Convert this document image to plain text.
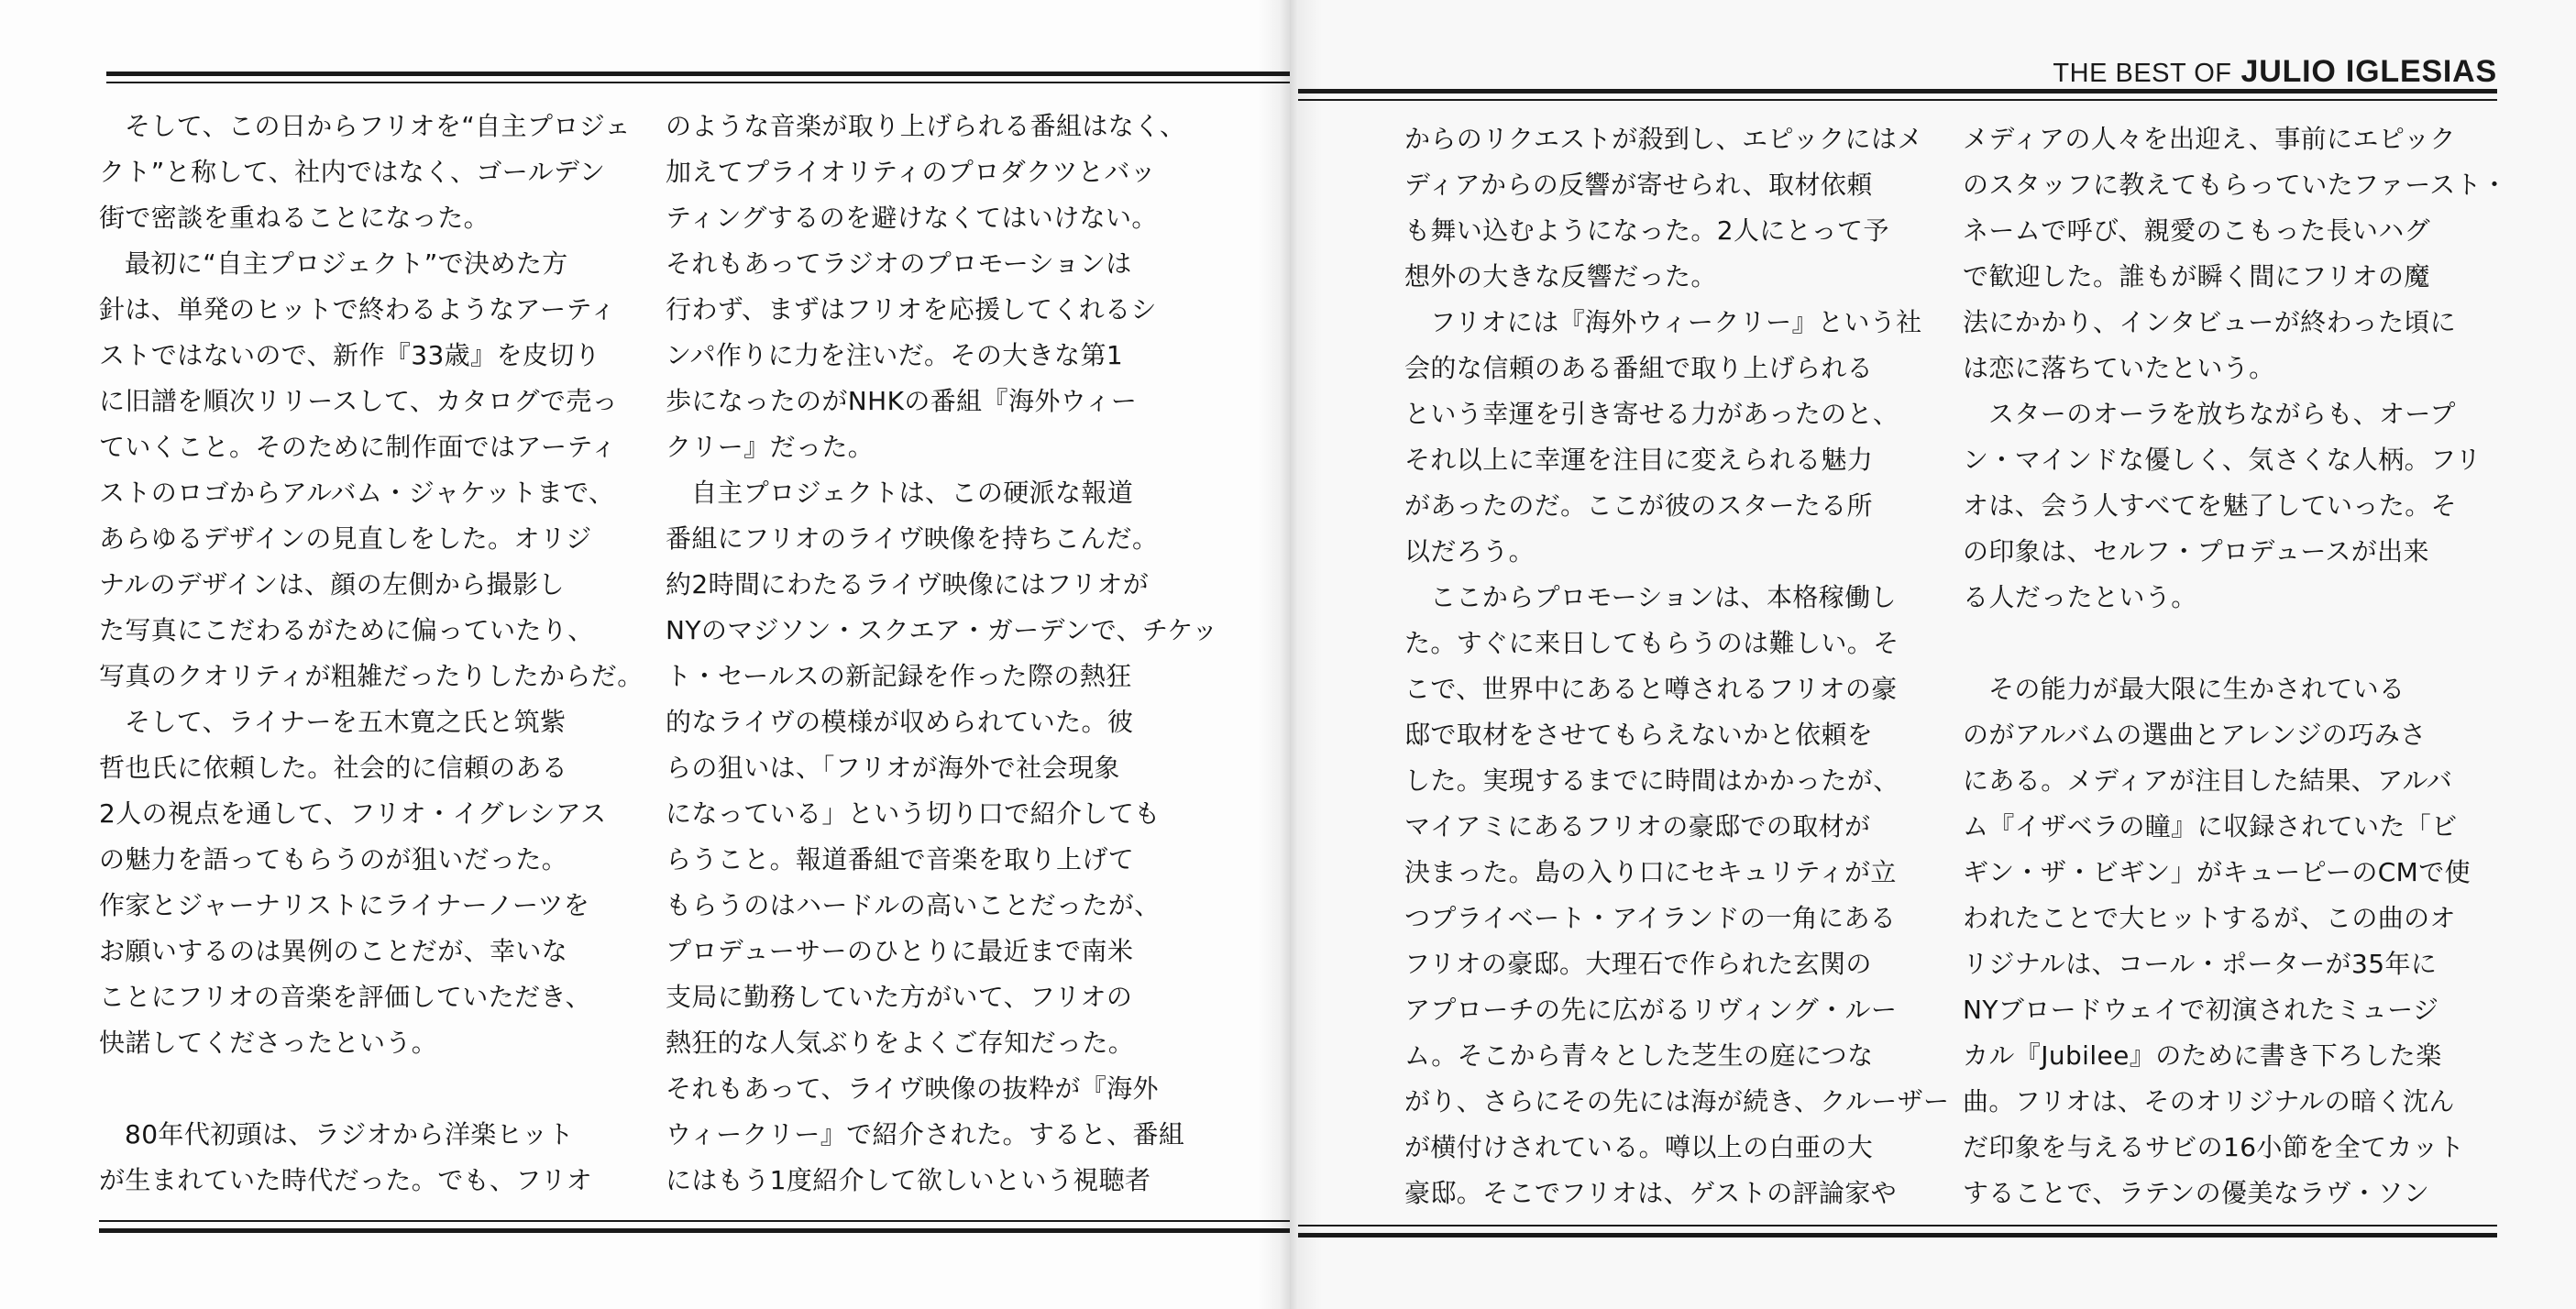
THE BEST OF JULIO IGLESIAS
そして、この日からフリオを“自主プロジェ
クト”と称して、社内ではなく、ゴールデン
街で密談を重ねることになった。
最初に“自主プロジェクト”で決めた方
針は、単発のヒットで終わるようなアーティ
ストではないので、新作『33歳』を皮切り
に旧譜を順次リリースして、カタログで売っ
ていくこと。そのために制作面ではアーティ
ストのロゴからアルバム・ジャケットまで、
あらゆるデザインの見直しをした。オリジ
ナルのデザインは、顔の左側から撮影し
た写真にこだわるがために偏っていたり、
写真のクオリティが粗雑だったりしたからだ。
そして、ライナーを五木寛之氏と筑紫
哲也氏に依頼した。社会的に信頼のある
2人の視点を通して、フリオ・イグレシアス
の魅力を語ってもらうのが狙いだった。
作家とジャーナリストにライナーノーツを
お願いするのは異例のことだが、幸いな
ことにフリオの音楽を評価していただき、
快諾してくださったという。
80年代初頭は、ラジオから洋楽ヒット
が生まれていた時代だった。でも、フリオ
のような音楽が取り上げられる番組はなく、
加えてプライオリティのプロダクツとバッ
ティングするのを避けなくてはいけない。
それもあってラジオのプロモーションは
行わず、まずはフリオを応援してくれるシ
ンパ作りに力を注いだ。その大きな第1
歩になったのがNHKの番組『海外ウィー
クリー』だった。
自主プロジェクトは、この硬派な報道
番組にフリオのライヴ映像を持ちこんだ。
約2時間にわたるライヴ映像にはフリオが
NYのマジソン・スクエア・ガーデンで、チケッ
ト・セールスの新記録を作った際の熱狂
的なライヴの模様が収められていた。彼
らの狙いは、「フリオが海外で社会現象
になっている」という切り口で紹介しても
らうこと。報道番組で音楽を取り上げて
もらうのはハードルの高いことだったが、
プロデューサーのひとりに最近まで南米
支局に勤務していた方がいて、フリオの
熱狂的な人気ぶりをよくご存知だった。
それもあって、ライヴ映像の抜粋が『海外
ウィークリー』で紹介された。すると、番組
にはもう1度紹介して欲しいという視聴者
からのリクエストが殺到し、エピックにはメ
ディアからの反響が寄せられ、取材依頼
も舞い込むようになった。2人にとって予
想外の大きな反響だった。
フリオには『海外ウィークリー』という社
会的な信頼のある番組で取り上げられる
という幸運を引き寄せる力があったのと、
それ以上に幸運を注目に変えられる魅力
があったのだ。ここが彼のスターたる所
以だろう。
ここからプロモーションは、本格稼働し
た。すぐに来日してもらうのは難しい。そ
こで、世界中にあると噂されるフリオの豪
邸で取材をさせてもらえないかと依頼を
した。実現するまでに時間はかかったが、
マイアミにあるフリオの豪邸での取材が
決まった。島の入り口にセキュリティが立
つプライベート・アイランドの一角にある
フリオの豪邸。大理石で作られた玄関の
アプローチの先に広がるリヴィング・ルー
ム。そこから青々とした芝生の庭につな
がり、さらにその先には海が続き、クルーザー
が横付けされている。噂以上の白亜の大
豪邸。そこでフリオは、ゲストの評論家や
メディアの人々を出迎え、事前にエピック
のスタッフに教えてもらっていたファースト・
ネームで呼び、親愛のこもった長いハグ
で歓迎した。誰もが瞬く間にフリオの魔
法にかかり、インタビューが終わった頃に
は恋に落ちていたという。
スターのオーラを放ちながらも、オープ
ン・マインドな優しく、気さくな人柄。フリ
オは、会う人すべてを魅了していった。そ
の印象は、セルフ・プロデュースが出来
る人だったという。
その能力が最大限に生かされている
のがアルバムの選曲とアレンジの巧みさ
にある。メディアが注目した結果、アルバ
ム『イザベラの瞳』に収録されていた「ビ
ギン・ザ・ビギン」がキューピーのCMで使
われたことで大ヒットするが、この曲のオ
リジナルは、コール・ポーターが35年に
NYブロードウェイで初演されたミュージ
カル『Jubilee』のために書き下ろした楽
曲。フリオは、そのオリジナルの暗く沈ん
だ印象を与えるサビの16小節を全てカット
することで、ラテンの優美なラヴ・ソン
